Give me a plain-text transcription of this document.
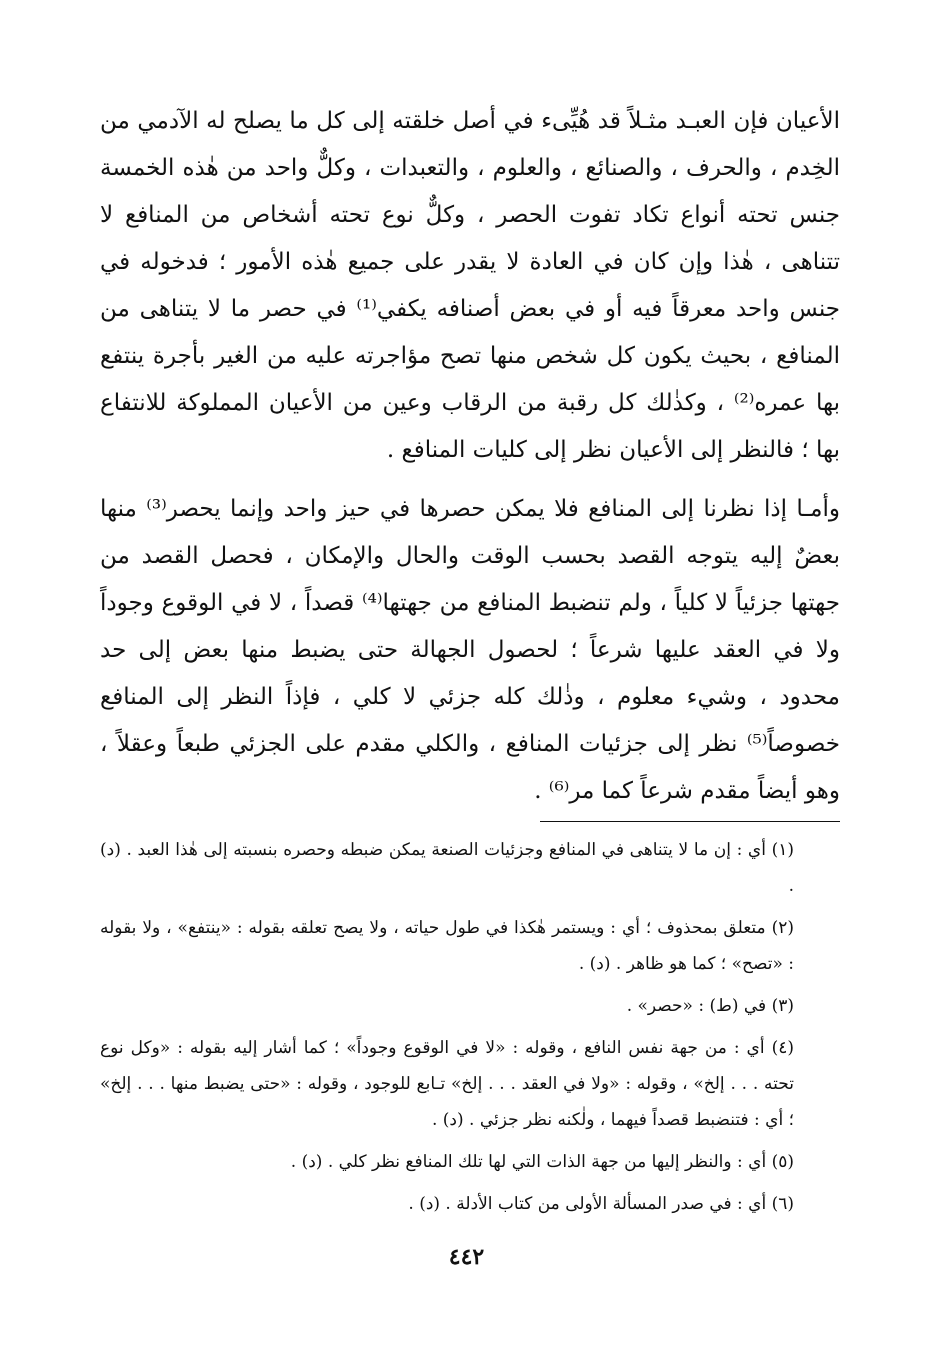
الأعيان فإن العبـد مثـلاً قد هُيِّىء في أصل خلقته إلى كل ما يصلح له الآدمي من الخِدم ، والحرف ، والصنائع ، والعلوم ، والتعبدات ، وكلٌّ واحد من هٰذه الخمسة جنس تحته أنواع تكاد تفوت الحصر ، وكلٌّ نوع تحته أشخاص من المنافع لا تتناهى ، هٰذا وإن كان في العادة لا يقدر على جميع هٰذه الأمور ؛ فدخوله في جنس واحد معرقاً فيه أو في بعض أصنافه يكفي⁽¹⁾ في حصر ما لا يتناهى من المنافع ، بحيث يكون كل شخص منها تصح مؤاجرته عليه من الغير بأجرة ينتفع بها عمره⁽²⁾ ، وكذٰلك كل رقبة من الرقاب وعين من الأعيان المملوكة للانتفاع بها ؛ فالنظر إلى الأعيان نظر إلى كليات المنافع .

وأمـا إذا نظرنا إلى المنافع فلا يمكن حصرها في حيز واحد وإنما يحصر⁽³⁾ منها بعضٌ إليه يتوجه القصد بحسب الوقت والحال والإمكان ، فحصل القصد من جهتها جزئياً لا كلياً ، ولم تنضبط المنافع من جهتها⁽⁴⁾ قصداً ، لا في الوقوع وجوداً ولا في العقد عليها شرعاً ؛ لحصول الجهالة حتى يضبط منها بعض إلى حد محدود ، وشيء معلوم ، وذٰلك كله جزئي لا كلي ، فإذاً النظر إلى المنافع خصوصاً⁽⁵⁾ نظر إلى جزئيات المنافع ، والكلي مقدم على الجزئي طبعاً وعقلاً ، وهو أيضاً مقدم شرعاً كما مر⁽⁶⁾ .

(١) أي : إن ما لا يتناهى في المنافع وجزئيات الصنعة يمكن ضبطه وحصره بنسبته إلى هٰذا العبد . (د) .

(٢) متعلق بمحذوف ؛ أي : ويستمر هٰكذا في طول حياته ، ولا يصح تعلقه بقوله : «ينتفع» ، ولا بقوله : «تصح» ؛ كما هو ظاهر . (د) .

(٣) في (ط) : «حصر» .

(٤) أي : من جهة نفس النافع ، وقوله : «لا في الوقوع وجوداً» ؛ كما أشار إليه بقوله : «وكل نوع تحته . . . إلخ» ، وقوله : «ولا في العقد . . . إلخ» تـابع للوجود ، وقوله : «حتى يضبط منها . . . إلخ» ؛ أي : فتنضبط قصداً فيهما ، ولٰكنه نظر جزئي . (د) .

(٥) أي : والنظر إليها من جهة الذات التي لها تلك المنافع نظر كلي . (د) .

(٦) أي : في صدر المسألة الأولى من كتاب الأدلة . (د) .

٤٤٢
